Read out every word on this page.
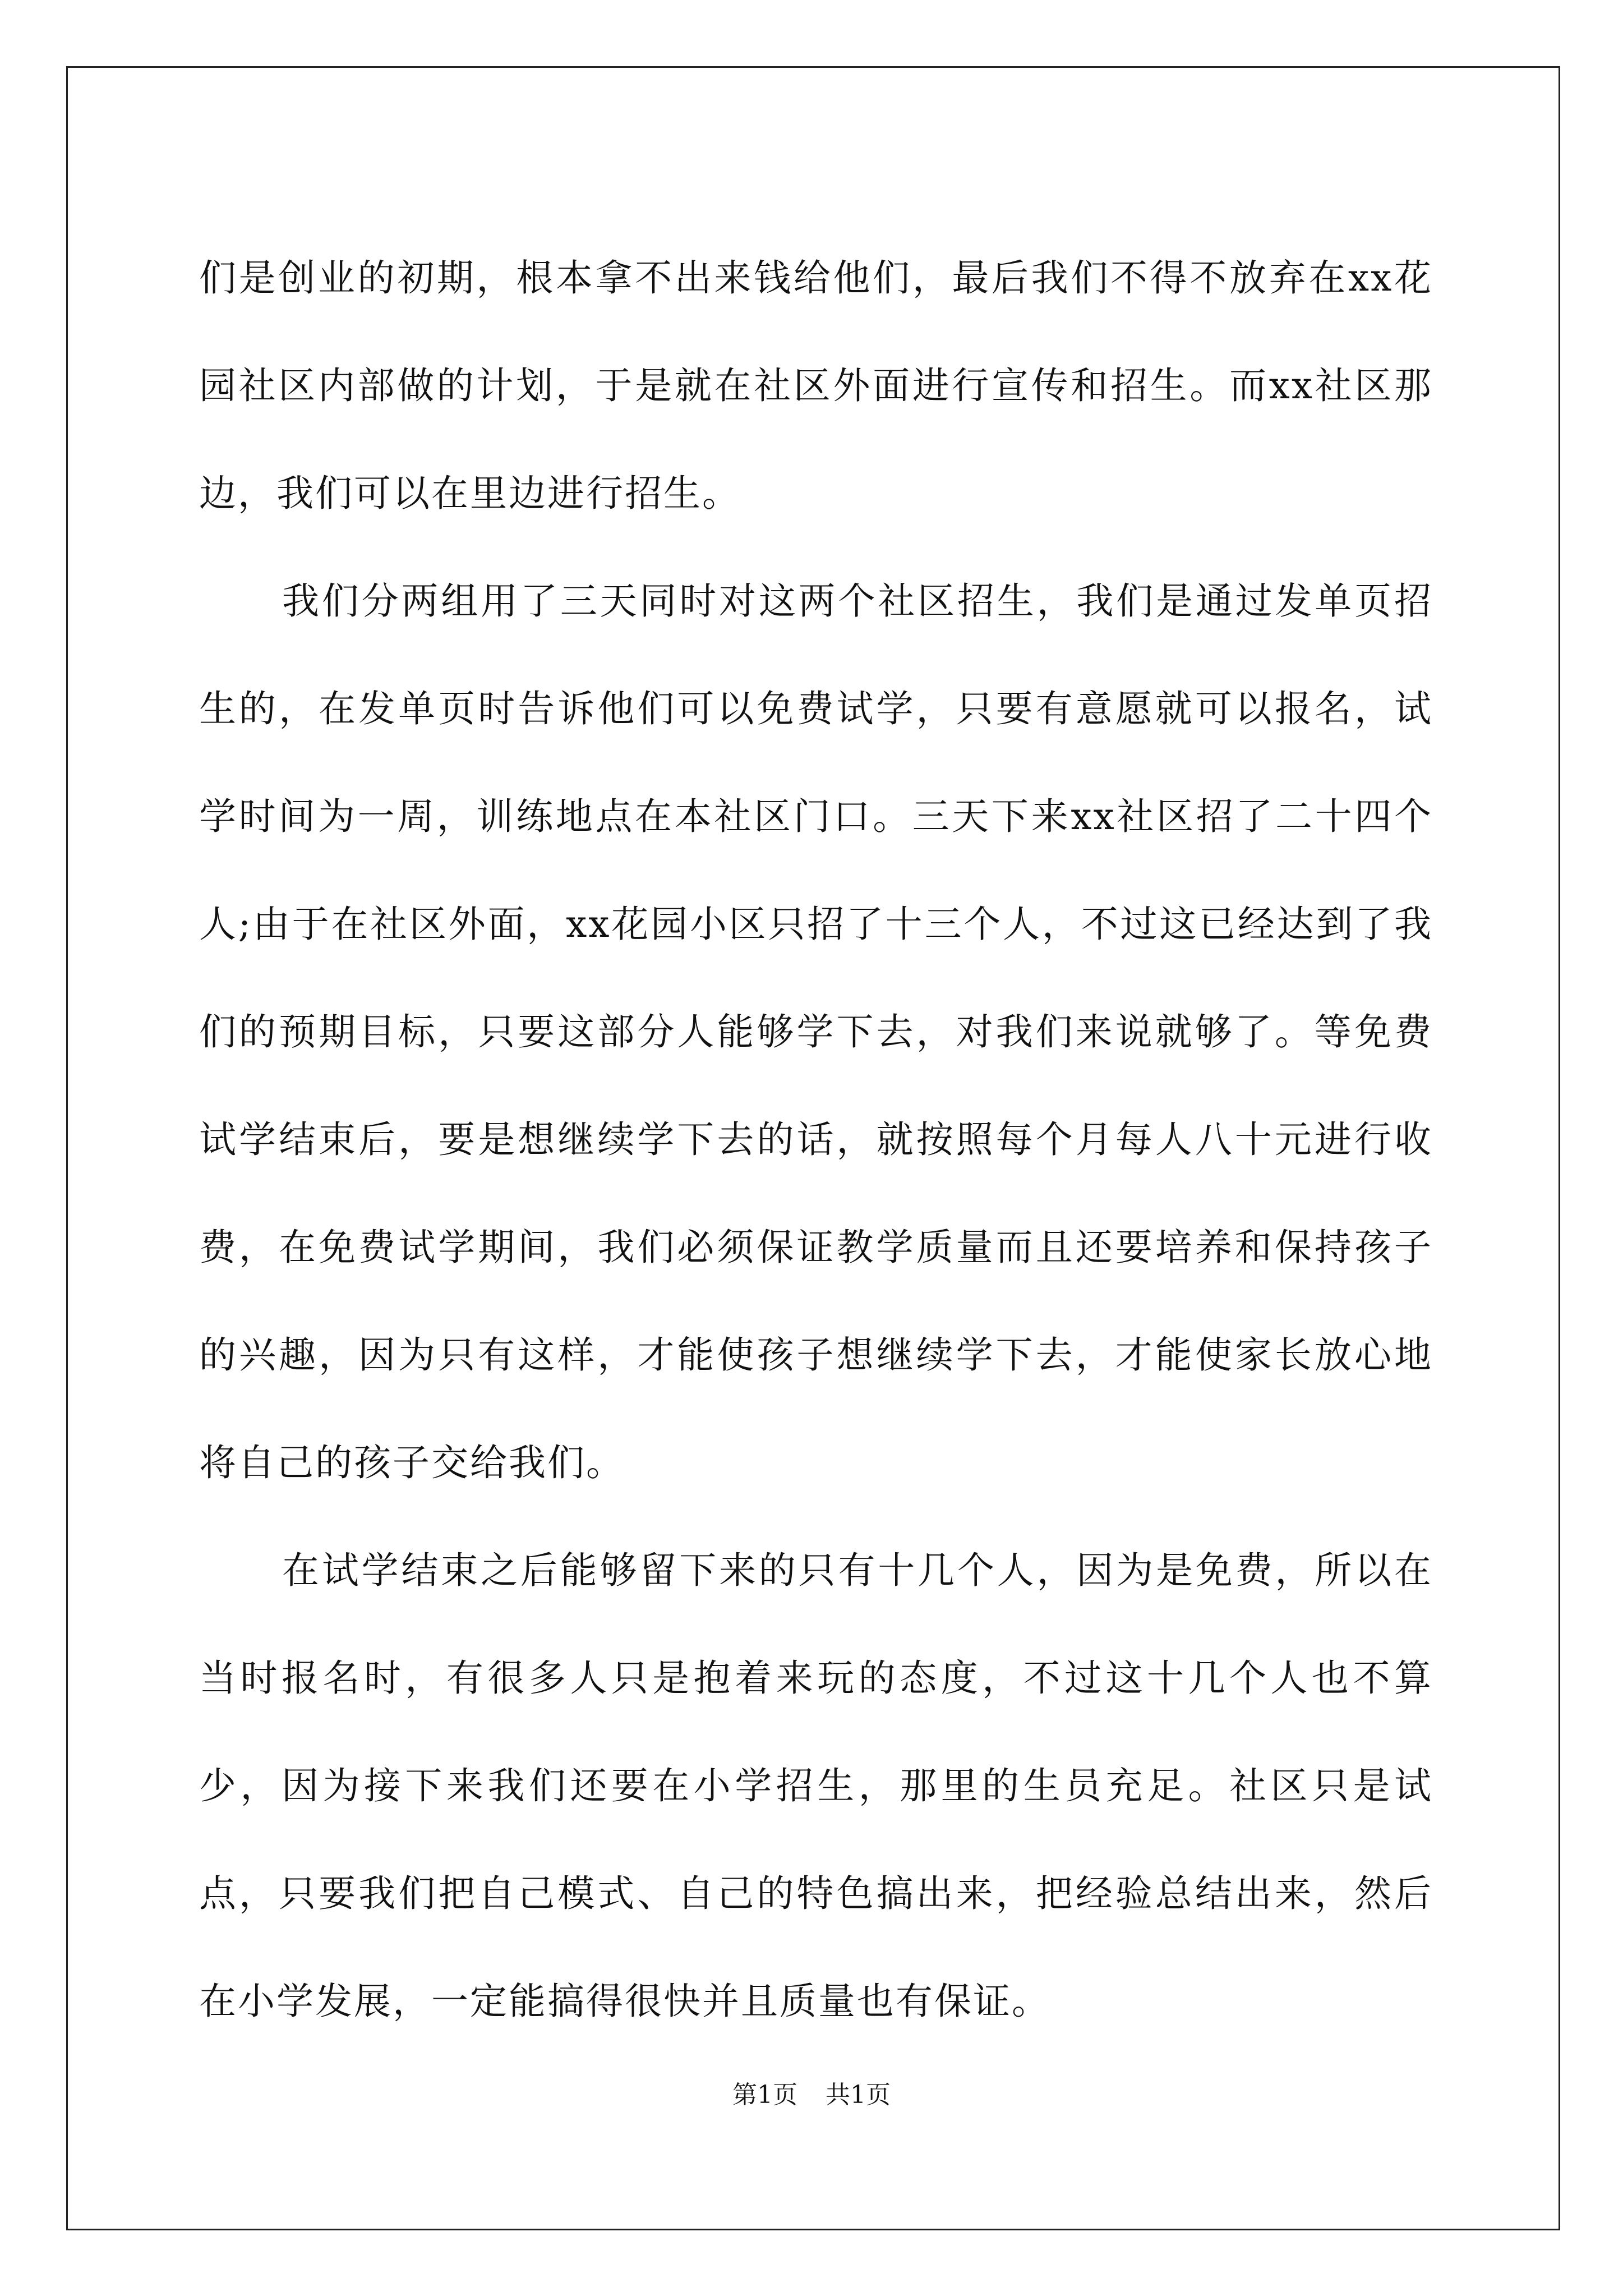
们是创业的初期，根本拿不出来钱给他们，最后我们不得不放弃在xx花园社区内部做的计划，于是就在社区外面进行宣传和招生。而xx社区那边，我们可以在里边进行招生。

我们分两组用了三天同时对这两个社区招生，我们是通过发单页招生的，在发单页时告诉他们可以免费试学，只要有意愿就可以报名，试学时间为一周，训练地点在本社区门口。三天下来xx社区招了二十四个人;由于在社区外面，xx花园小区只招了十三个人，不过这已经达到了我们的预期目标，只要这部分人能够学下去，对我们来说就够了。等免费试学结束后，要是想继续学下去的话，就按照每个月每人八十元进行收费，在免费试学期间，我们必须保证教学质量而且还要培养和保持孩子的兴趣，因为只有这样，才能使孩子想继续学下去，才能使家长放心地将自己的孩子交给我们。

在试学结束之后能够留下来的只有十几个人，因为是免费，所以在当时报名时，有很多人只是抱着来玩的态度，不过这十几个人也不算少，因为接下来我们还要在小学招生，那里的生员充足。社区只是试点，只要我们把自己模式、自己的特色搞出来，把经验总结出来，然后在小学发展，一定能搞得很快并且质量也有保证。

第1页 共1页
